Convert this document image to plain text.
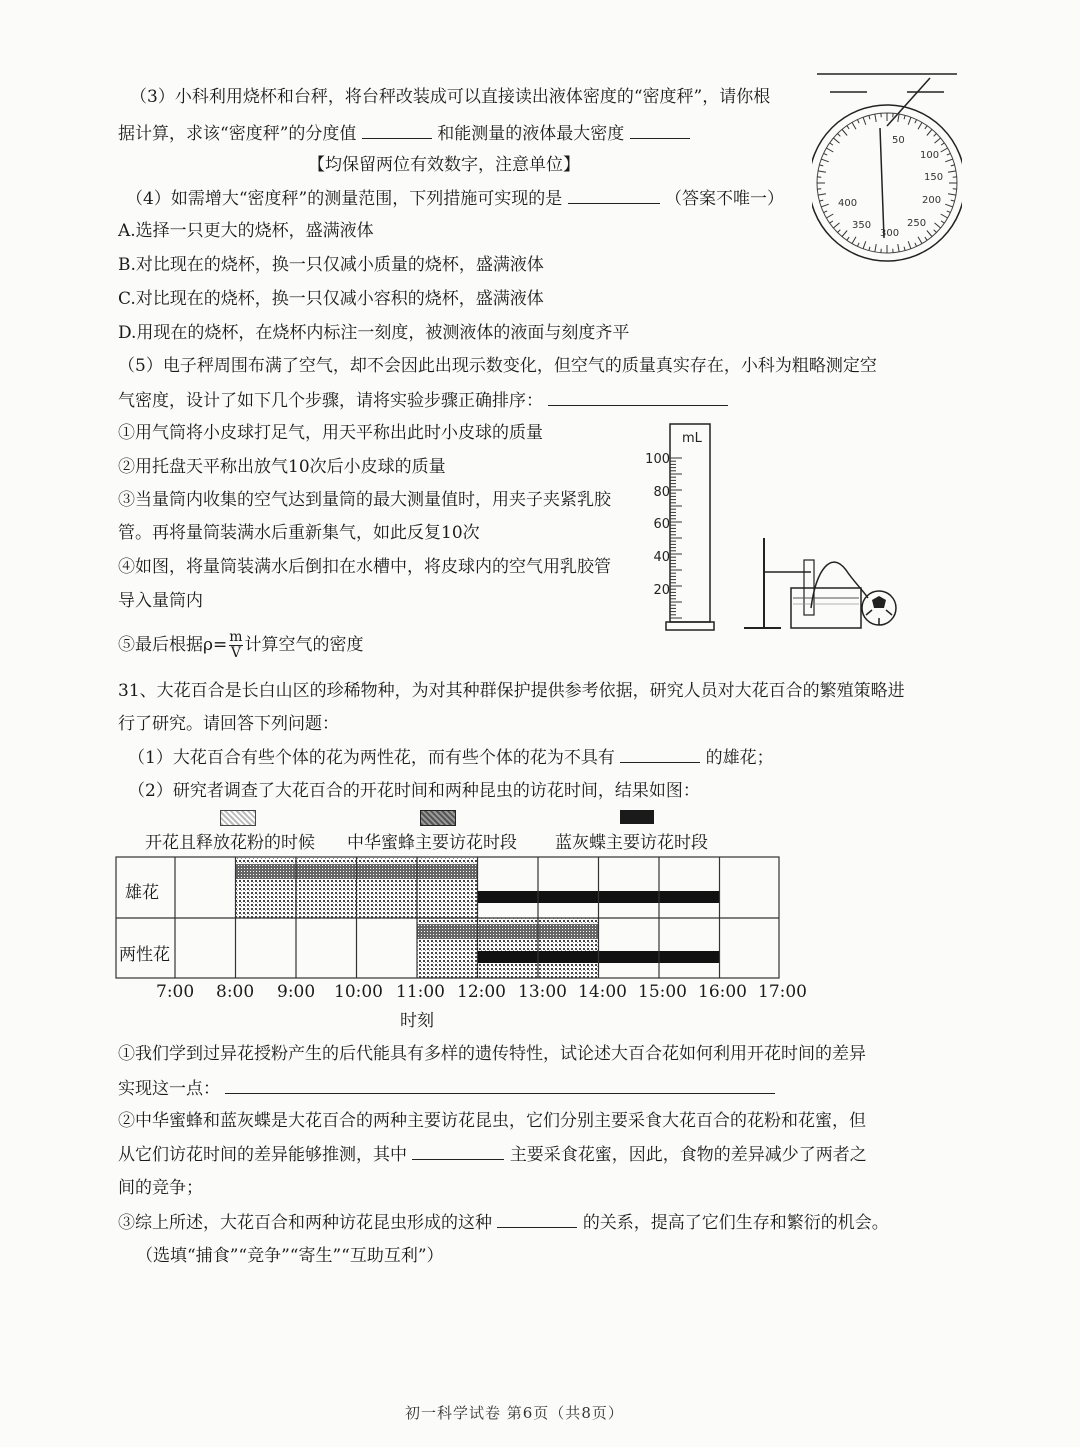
（3）小科利用烧杯和台秤，将台秤改装成可以直接读出液体密度的“密度秤”，请你根
据计算，求该“密度秤”的分度值	和能测量的液体最大密度
【均保留两位有效数字，注意单位】
50
100
150
200
250
300
350
400
（4）如需增大“密度秤”的测量范围，下列措施可实现的是	（答案不唯一）
A.选择一只更大的烧杯，盛满液体
B.对比现在的烧杯，换一只仅减小质量的烧杯，盛满液体
C.对比现在的烧杯，换一只仅减小容积的烧杯，盛满液体
D.用现在的烧杯，在烧杯内标注一刻度，被测液体的液面与刻度齐平
（5）电子秤周围布满了空气，却不会因此出现示数变化，但空气的质量真实存在，小科为粗略测定空
气密度，设计了如下几个步骤，请将实验步骤正确排序：
①用气筒将小皮球打足气，用天平称出此时小皮球的质量
②用托盘天平称出放气10次后小皮球的质量
③当量筒内收集的空气达到量筒的最大测量值时，用夹子夹紧乳胶
管。再将量筒装满水后重新集气，如此反复10次
④如图，将量筒装满水后倒扣在水槽中，将皮球内的空气用乳胶管
导入量筒内
⑤最后根据$\rho= \frac{m}{V}$ 计算空气的密度
mL
100
80
60
40
20
31、大花百合是长白山区的珍稀物种，为对其种群保护提供参考依据，研究人员对大花百合的繁殖策略进
行了研究。请回答下列问题：
（1）大花百合有些个体的花为两性花，而有些个体的花为不具有	的雄花；
（2）研究者调查了大花百合的开花时间和两种昆虫的访花时间，结果如图：
开花且释放花粉的时候 中华蜜蜂主要访花时段 蓝灰蝶主要访花时段
雄花
两性花
7:00 8:00 9:00 10:00 11:00 12:00 13:00 14:00 15:00 16:00 17:00
时刻
①我们学到过异花授粉产生的后代能具有多样的遗传特性，试论述大百合花如何利用开花时间的差异
实现这一点：
②中华蜜蜂和蓝灰蝶是大花百合的两种主要访花昆虫，它们分别主要采食大花百合的花粉和花蜜，但
从它们访花时间的差异能够推测，其中	主要采食花蜜，因此，食物的差异减少了两者之
间的竞争；
③综上所述，大花百合和两种访花昆虫形成的这种	的关系，提高了它们生存和繁衍的机会。
（选填“捕食”“竞争”“寄生”“互助互利”）
初一科学试卷 第6页（共8页）
